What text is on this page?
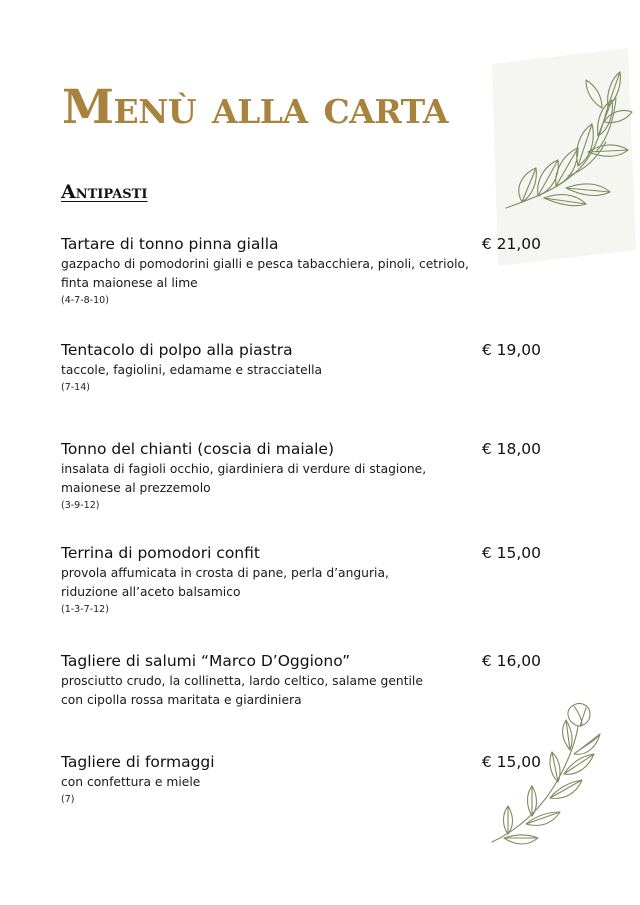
Menù alla carta
Antipasti
Tartare di tonno pinna gialla	€ 21,00
gazpacho di pomodorini gialli e pesca tabacchiera, pinoli, cetriolo,
finta maionese al lime
(4-7-8-10)
Tentacolo di polpo alla piastra	€ 19,00
taccole, fagiolini, edamame e stracciatella
(7-14)
Tonno del chianti (coscia di maiale)	€ 18,00
insalata di fagioli occhio, giardiniera di verdure di stagione,
maionese al prezzemolo
(3-9-12)
Terrina di pomodori confit	€ 15,00
provola affumicata in crosta di pane, perla d’anguria,
riduzione all’aceto balsamico
(1-3-7-12)
Tagliere di salumi “Marco D’Oggiono”	€ 16,00
prosciutto crudo, la collinetta, lardo celtico, salame gentile
con cipolla rossa maritata e giardiniera
Tagliere di formaggi	€ 15,00
con confettura e miele
(7)
